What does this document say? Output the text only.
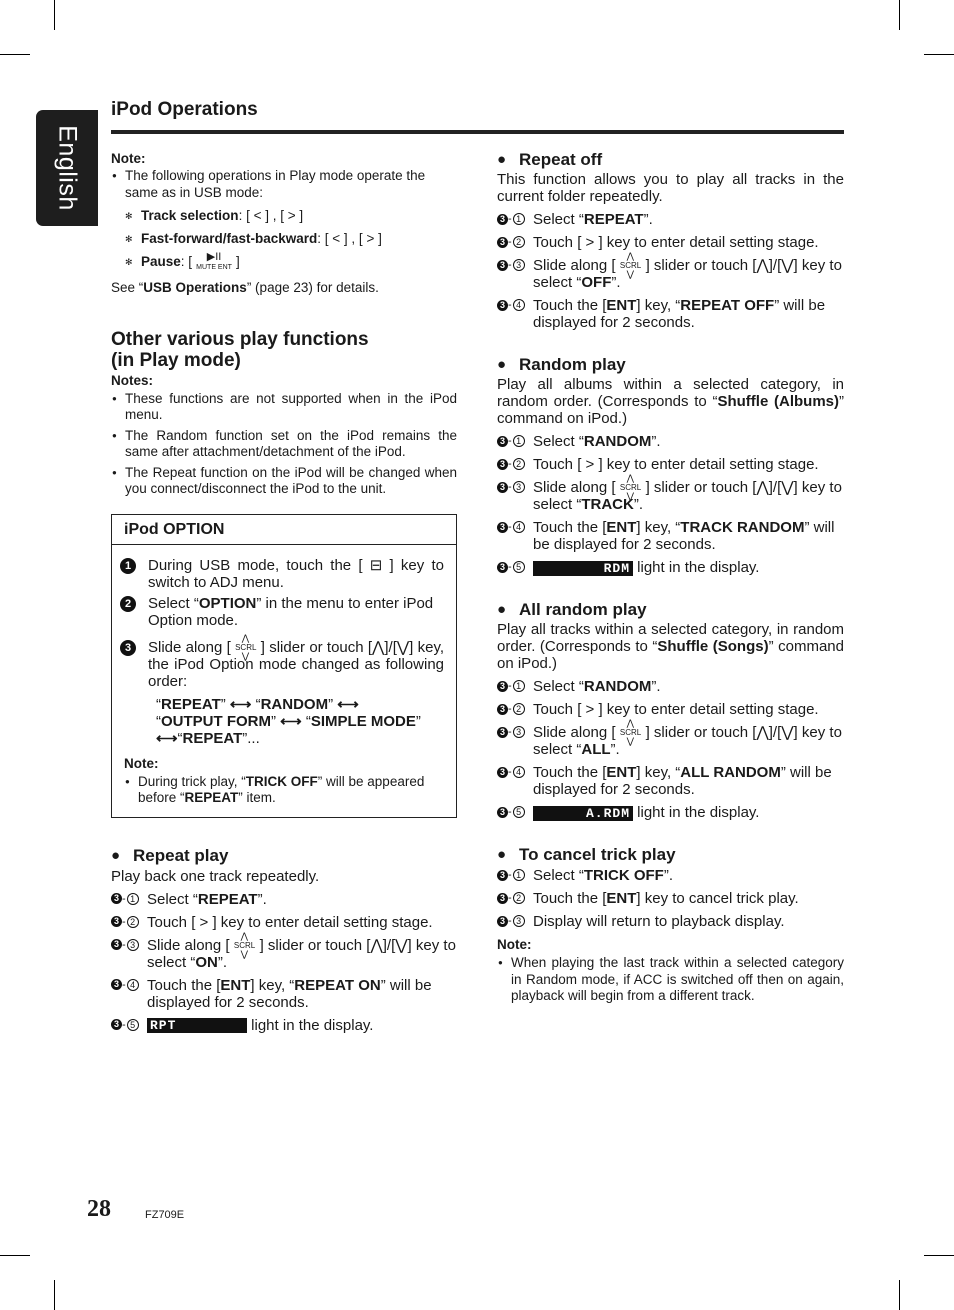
English
iPod Operations

Note:

● The following operations in Play mode operate the same as in USB mode:

✻ Track selection: [ < ] , [ > ]

✻ Fast-forward/fast-backward: [ < ] , [ > ]

✻ Pause: [ ▶II
MUTE ENT ]

See “USB Operations” (page 23) for details.

Other various play functions
(in Play mode)

Notes:

● These functions are not supported when in the iPod menu.

● The Random function set on the iPod remains the same after attachment/detachment of the iPod.

● The Repeat function on the iPod will be changed when you connect/disconnect the iPod to the unit.

iPod OPTION

1	During USB mode, touch the [ ⊟ ] key to switch to ADJ menu.

2	Select “OPTION” in the menu to enter iPod Option mode.

3	Slide along [ ⋀ SCRL ⋁ ] slider or touch [⋀]/[⋁] key, the iPod Option mode changed as following order:

“REPEAT” ⟷ “RANDOM” ⟷
“OUTPUT FORM” ⟷ “SIMPLE MODE”
⟷“REPEAT”...

Note:

● During trick play, “TRICK OFF” will be appeared before “REPEAT” item.

● Repeat play

Play back one track repeatedly.

3 - 1 Select “REPEAT”.

3 - 2 Touch [ > ] key to enter detail setting stage.

3 - 3 Slide along [ ⋀ SCRL ⋁ ] slider or touch [⋀]/[⋁] key to select “ON”.

3 - 4 Touch the [ENT] key, “REPEAT ON” will be displayed for 2 seconds.

3 - 5 RPT	light in the display.

● Repeat off

This function allows you to play all tracks in the current folder repeatedly.

3 - 1 Select “REPEAT”.

3 - 2 Touch [ > ] key to enter detail setting stage.

3 - 3 Slide along [ ⋀ SCRL ⋁ ] slider or touch [⋀]/[⋁] key to select “OFF”.

3 - 4 Touch the [ENT] key, “REPEAT OFF” will be displayed for 2 seconds.

● Random play

Play all albums within a selected category, in random order. (Corresponds to “Shuffle (Albums)” command on iPod.)

3 - 1 Select “RANDOM”.

3 - 2 Touch [ > ] key to enter detail setting stage.

3 - 3 Slide along [ ⋀ SCRL ⋁ ] slider or touch [⋀]/[⋁] key to select “TRACK”.

3 - 4 Touch the [ENT] key, “TRACK RANDOM” will be displayed for 2 seconds.

3 - 5	RDM light in the display.

● All random play

Play all tracks within a selected category, in random order. (Corresponds to “Shuffle (Songs)” command on iPod.)

3 - 1 Select “RANDOM”.

3 - 2 Touch [ > ] key to enter detail setting stage.

3 - 3 Slide along [ ⋀ SCRL ⋁ ] slider or touch [⋀]/[⋁] key to select “ALL”.

3 - 4 Touch the [ENT] key, “ALL RANDOM” will be displayed for 2 seconds.

3 - 5	A.RDM light in the display.

● To cancel trick play

3 - 1 Select “TRICK OFF”.

3 - 2 Touch the [ENT] key to cancel trick play.

3 - 3 Display will return to playback display.

Note:

● When playing the last track within a selected category in Random mode, if ACC is switched off then on again, playback will begin from a different track.

28	FZ709E
